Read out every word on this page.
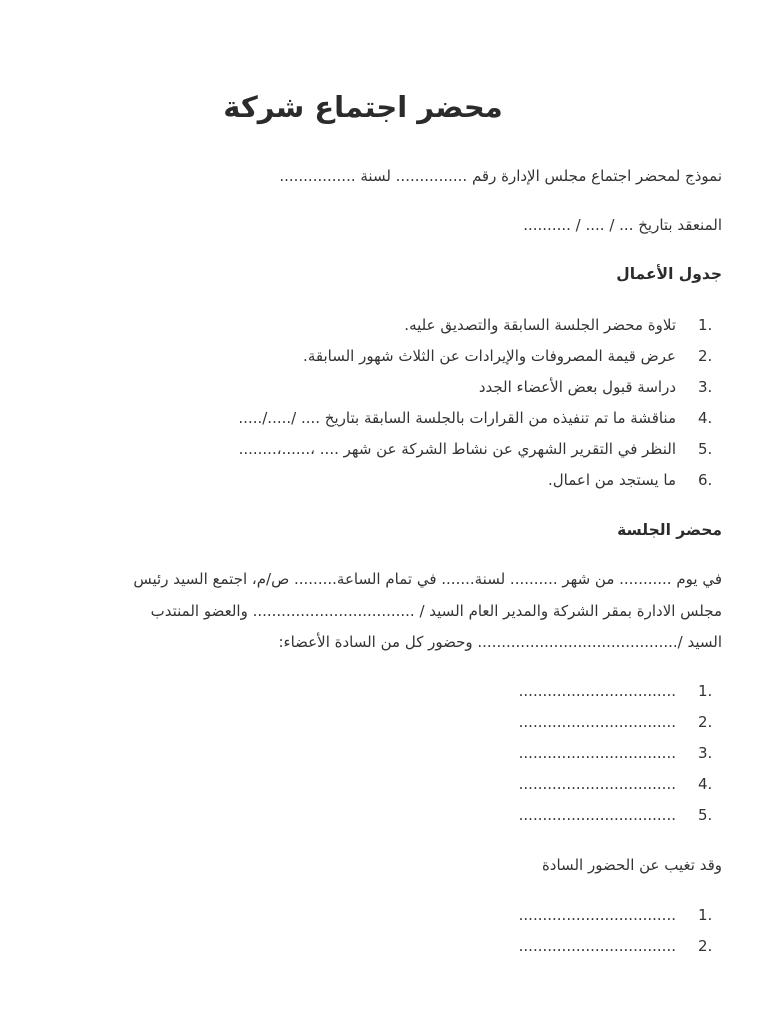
محضر اجتماع شركة

نموذج لمحضر اجتماع مجلس الإدارة رقم ............... لسنة ................

المنعقد بتاريخ ... / .... / ..........

جدول الأعمال
1.
تلاوة محضر الجلسة السابقة والتصديق عليه.
2.
عرض قيمة المصروفات والإيرادات عن الثلاث شهور السابقة.
3.
دراسة قبول بعض الأعضاء الجدد
4.
مناقشة ما تم تنفيذه من القرارات بالجلسة السابقة بتاريخ .... /...../.....
5.
النظر في التقرير الشهري عن نشاط الشركة عن شهر .... ،......،........
6.
ما يستجد من اعمال.
محضر الجلسة
في يوم ........... من شهر .......... لسنة....... في تمام الساعة......... ص/م، اجتمع السيد رئيس
مجلس الادارة بمقر الشركة والمدير العام السيد / .................................. والعضو المنتدب
السيد /.......................................... وحضور كل من السادة الأعضاء:
1.
.................................
2.
.................................
3.
.................................
4.
.................................
5.
.................................

وقد تغيب عن الحضور السادة

1.
.................................
2.
.................................
